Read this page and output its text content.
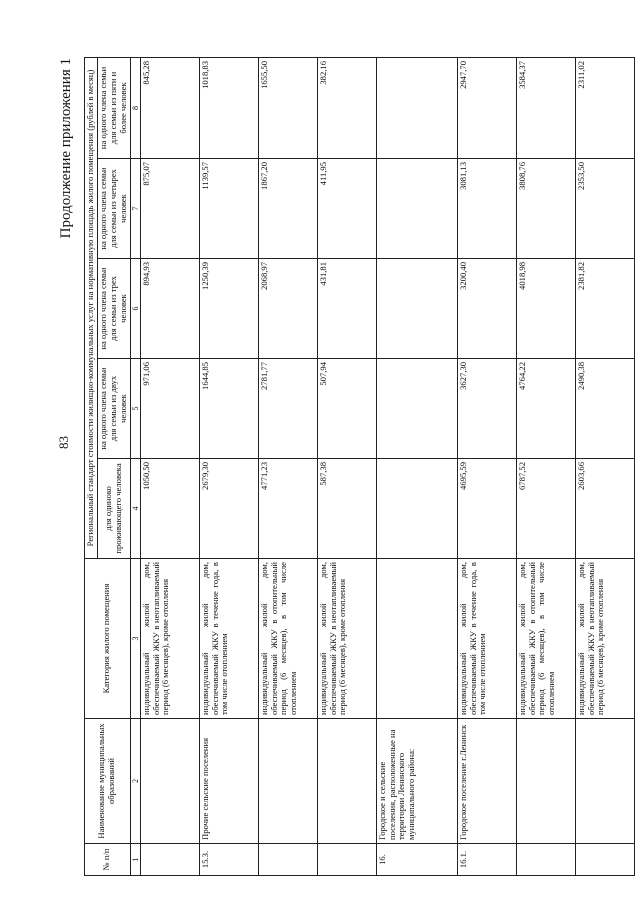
83
Продолжение приложения 1
№ п/п	Наименование муниципальных образований	Категория жилого помещения	Региональный стандарт стоимости жилищно-коммунальных услуг на нормативную площадь жилого помещения (рублей в месяц)				
			для одиноко проживающего человека	на одного члена семьи для семьи из двух человек	на одного члена семьи для семьи из трех человек	на одного члена семьи для семьи из четырех человек	на одного члена семьи для семьи из пяти и более человек
1	2	3	4	5	6	7	8
		индивидуальный жилой дом, обеспечиваемый ЖКУ в неотапливаемый период (6 месяцев), кроме отопления	1050,50	971,06	894,93	875,07	845,28
15.3.	Прочие сельские поселения	индивидуальный жилой дом, обеспечиваемый ЖКУ в течение года, в том числе отоплением	2679,30	1644,85	1250,39	1139,57	1018,83
		индивидуальный жилой дом, обеспечиваемый ЖКУ в отопительный период (6 месяцев), в том числе отоплением	4771,23	2781,77	2068,97	1867,20	1655,50
		индивидуальный жилой дом, обеспечиваемый ЖКУ в неотапливаемый период (6 месяцев), кроме отопления	587,38	507,94	431,81	411,95	382,16
16.	Городское и сельские поселения, расположенные на территории Ленинского муниципального района:						
16.1.	Городское поселение г.Ленинск	индивидуальный жилой дом, обеспечиваемый ЖКУ в течение года, в том числе отоплением	4695,59	3627,30	3200,40	3081,13	2947,70
		индивидуальный жилой дом, обеспечиваемый ЖКУ в отопительный период (6 месяцев), в том числе отоплением	6787,52	4764,22	4018,98	3808,76	3584,37
		индивидуальный жилой дом, обеспечиваемый ЖКУ в неотапливаемый период (6 месяцев), кроме отопления	2603,66	2490,38	2381,82	2353,50	2311,02
